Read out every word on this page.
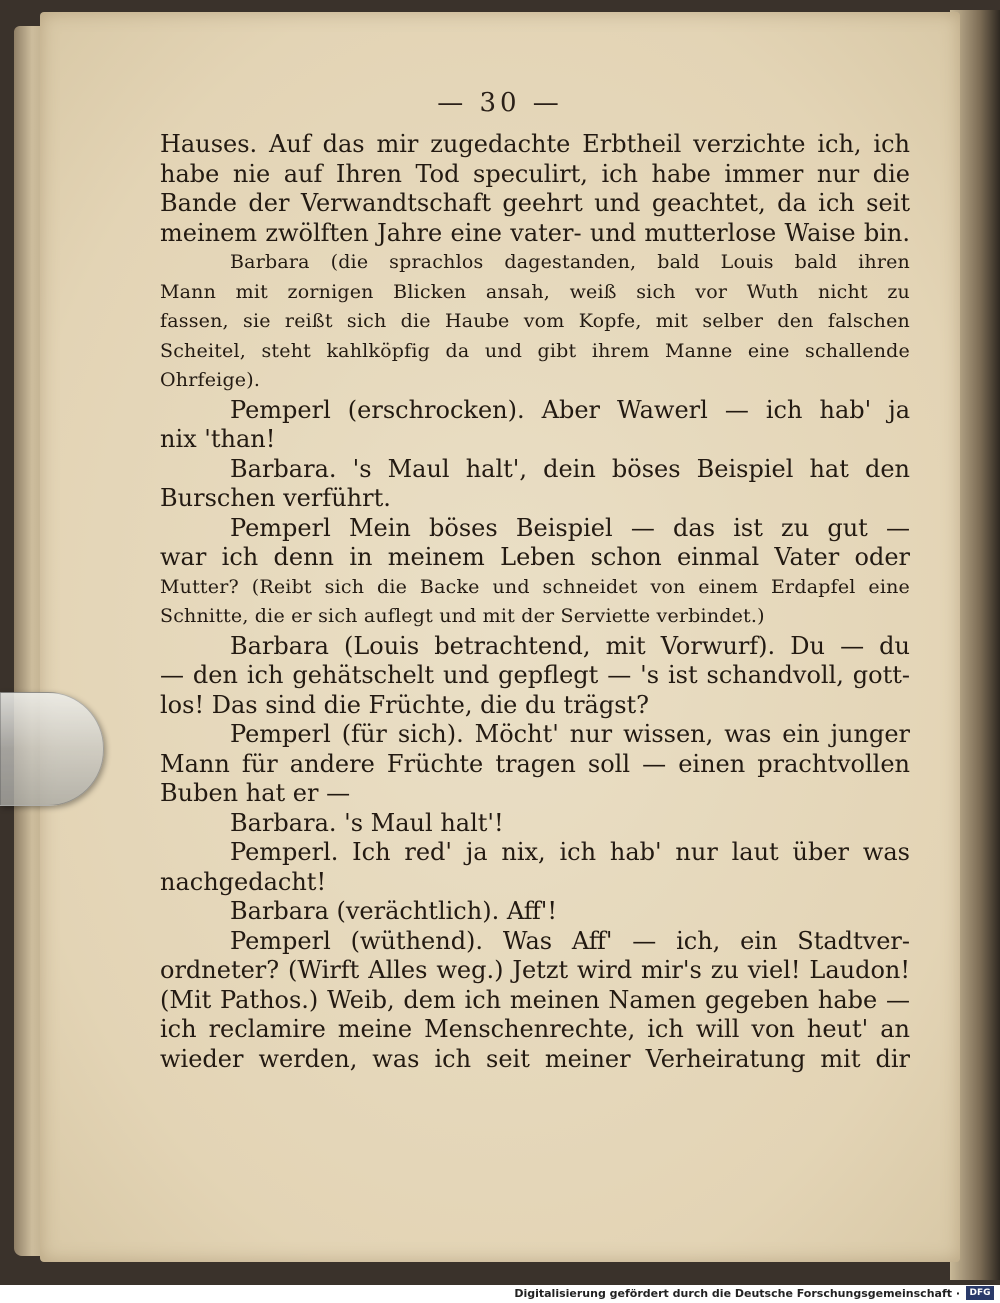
— 30 —
Hauses. Auf das mir zugedachte Erbtheil verzichte ich, ich
habe nie auf Ihren Tod speculirt, ich habe immer nur die
Bande der Verwandtschaft geehrt und geachtet, da ich seit
meinem zwölften Jahre eine vater- und mutterlose Waise bin.
Barbara (die sprachlos dagestanden, bald Louis bald ihren
Mann mit zornigen Blicken ansah, weiß sich vor Wuth nicht zu
fassen, sie reißt sich die Haube vom Kopfe, mit selber den falschen
Scheitel, steht kahlköpfig da und gibt ihrem Manne eine schallende
Ohrfeige).
Pemperl (erschrocken). Aber Wawerl — ich hab' ja
nix 'than!
Barbara. 's Maul halt', dein böses Beispiel hat den
Burschen verführt.
Pemperl Mein böses Beispiel — das ist zu gut —
war ich denn in meinem Leben schon einmal Vater oder
Mutter? (Reibt sich die Backe und schneidet von einem Erdapfel eine
Schnitte, die er sich auflegt und mit der Serviette verbindet.)
Barbara (Louis betrachtend, mit Vorwurf). Du — du
— den ich gehätschelt und gepflegt — 's ist schandvoll, gott-
los! Das sind die Früchte, die du trägst?
Pemperl (für sich). Möcht' nur wissen, was ein junger
Mann für andere Früchte tragen soll — einen prachtvollen
Buben hat er —
Barbara. 's Maul halt'!
Pemperl. Ich red' ja nix, ich hab' nur laut über was
nachgedacht!
Barbara (verächtlich). Aff'!
Pemperl (wüthend). Was Aff' — ich, ein Stadtver-
ordneter? (Wirft Alles weg.) Jetzt wird mir's zu viel! Laudon!
(Mit Pathos.) Weib, dem ich meinen Namen gegeben habe —
ich reclamire meine Menschenrechte, ich will von heut' an
wieder werden, was ich seit meiner Verheiratung mit dir
Digitalisierung gefördert durch die Deutsche Forschungsgemeinschaft ·	DFG
